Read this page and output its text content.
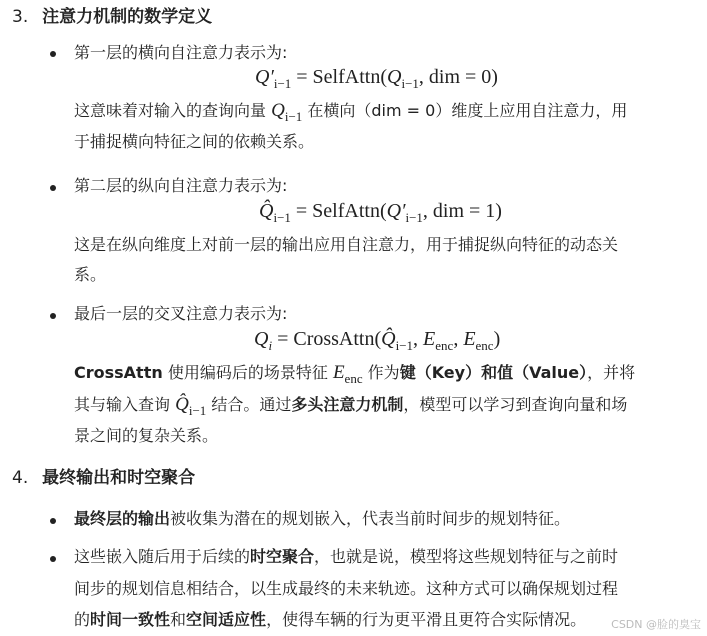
3. 注意力机制的数学定义
第一层的横向自注意力表示为:
$Q'_{i-1}$ = $SelfAttn(Q_{i-1}$, dim = 0)
这意味着对输入的查询向量 $Q_{i-1}$ 在横向（dim = 0）维度上应用自注意力，用
于捕捉横向特征之间的依赖关系。
第二层的纵向自注意力表示为:
$Q̂_{i-1}$ = $SelfAttn(Q'_{i-1}$, dim = 1)
这是在纵向维度上对前一层的输出应用自注意力，用于捕捉纵向特征的动态关
系。
最后一层的交叉注意力表示为:
$Q_i$ = $CrossAttn(Q̂_{i-1}$, $E_{enc}$, $E_{enc}$)
CrossAttn 使用编码后的场景特征 $E_{enc}$ 作为键（Key）和值（Value），并将
其与输入查询 $Q̂_{i-1}$ 结合。通过多头注意力机制，模型可以学习到查询向量和场
景之间的复杂关系。
4. 最终输出和时空聚合
最终层的输出被收集为潜在的规划嵌入，代表当前时间步的规划特征。
这些嵌入随后用于后续的时空聚合，也就是说，模型将这些规划特征与之前时
间步的规划信息相结合，以生成最终的未来轨迹。这种方式可以确保规划过程
的时间一致性和空间适应性，使得车辆的行为更平滑且更符合实际情况。 CSDN @脸的臭宝
